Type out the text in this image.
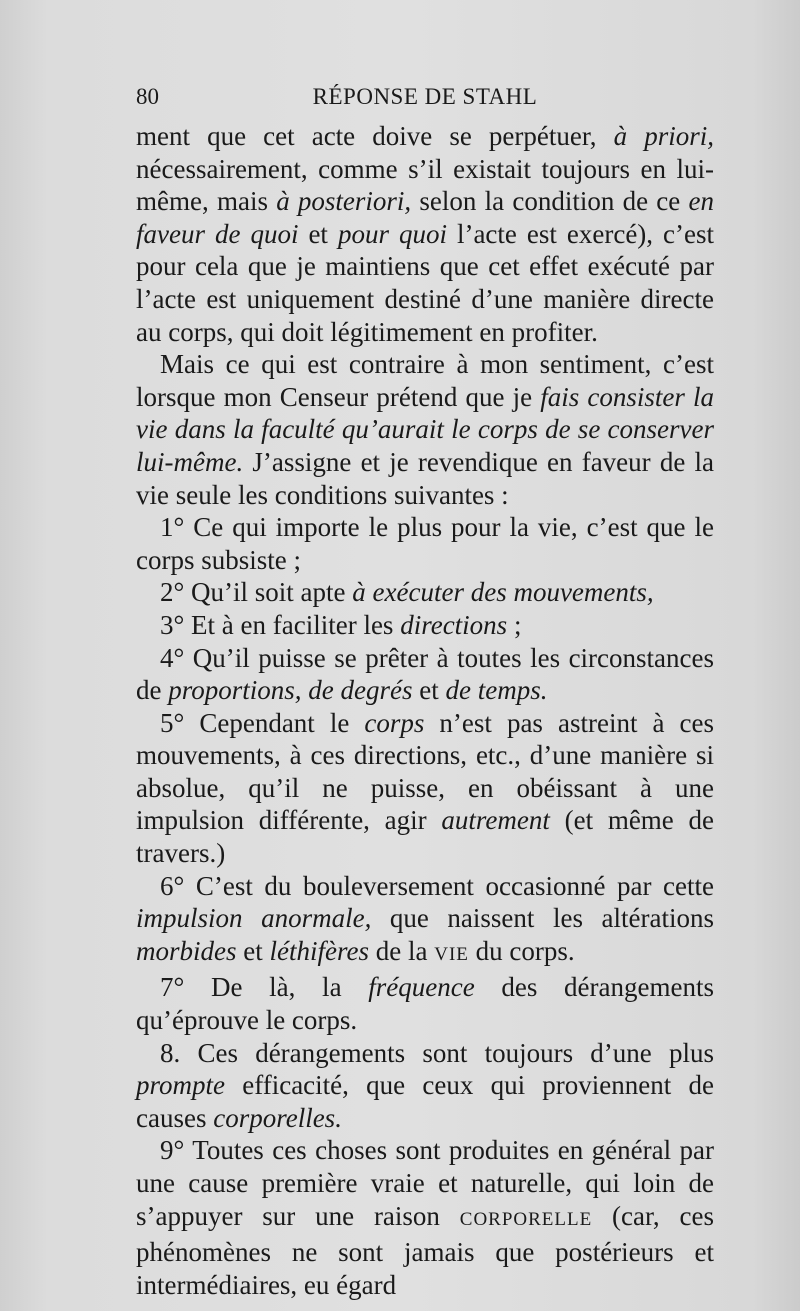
80	RÉPONSE DE STAHL

ment que cet acte doive se perpétuer, à priori, nécessairement, comme s’il existait toujours en lui-même, mais à posteriori, selon la condition de ce en faveur de quoi et pour quoi l’acte est exercé), c’est pour cela que je maintiens que cet effet exécuté par l’acte est uniquement destiné d’une manière directe au corps, qui doit légitimement en profiter.

Mais ce qui est contraire à mon sentiment, c’est lorsque mon Censeur prétend que je fais consister la vie dans la faculté qu’aurait le corps de se conserver lui-même. J’assigne et je revendique en faveur de la vie seule les conditions suivantes :

1° Ce qui importe le plus pour la vie, c’est que le corps subsiste ;

2° Qu’il soit apte à exécuter des mouvements,

3° Et à en faciliter les directions ;

4° Qu’il puisse se prêter à toutes les circonstances de proportions, de degrés et de temps.

5° Cependant le corps n’est pas astreint à ces mouvements, à ces directions, etc., d’une manière si absolue, qu’il ne puisse, en obéissant à une impulsion différente, agir autrement (et même de travers.)

6° C’est du bouleversement occasionné par cette impulsion anormale, que naissent les altérations morbides et léthifères de la VIE du corps.

7° De là, la fréquence des dérangements qu’éprouve le corps.

8. Ces dérangements sont toujours d’une plus prompte efficacité, que ceux qui proviennent de causes corporelles.

9° Toutes ces choses sont produites en général par une cause première vraie et naturelle, qui loin de s’appuyer sur une raison CORPORELLE (car, ces phénomènes ne sont jamais que postérieurs et intermédiaires, eu égard
